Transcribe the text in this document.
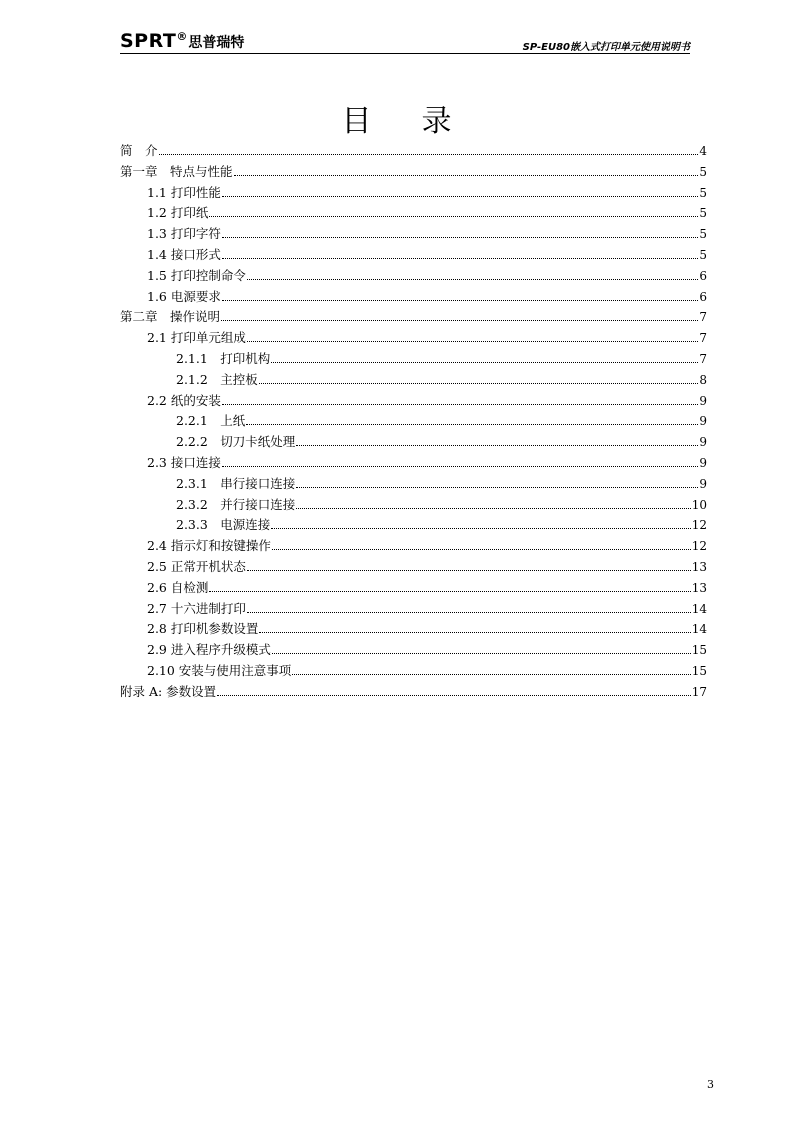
SPRT®思普瑞特	SP-EU80嵌入式打印单元使用说明书
目录
简　介	4
第一章　特点与性能	5
1.1 打印性能	5
1.2 打印纸	5
1.3 打印字符	5
1.4 接口形式	5
1.5 打印控制命令	6
1.6 电源要求	6
第二章　操作说明	7
2.1 打印单元组成	7
2.1.1　打印机构	7
2.1.2　主控板	8
2.2 纸的安装	9
2.2.1　上纸	9
2.2.2　切刀卡纸处理	9
2.3 接口连接	9
2.3.1　串行接口连接	9
2.3.2　并行接口连接	10
2.3.3　电源连接	12
2.4 指示灯和按键操作	12
2.5 正常开机状态	13
2.6 自检测	13
2.7 十六进制打印	14
2.8 打印机参数设置	14
2.9 进入程序升级模式	15
2.10 安装与使用注意事项	15
附录 A: 参数设置	17
3
